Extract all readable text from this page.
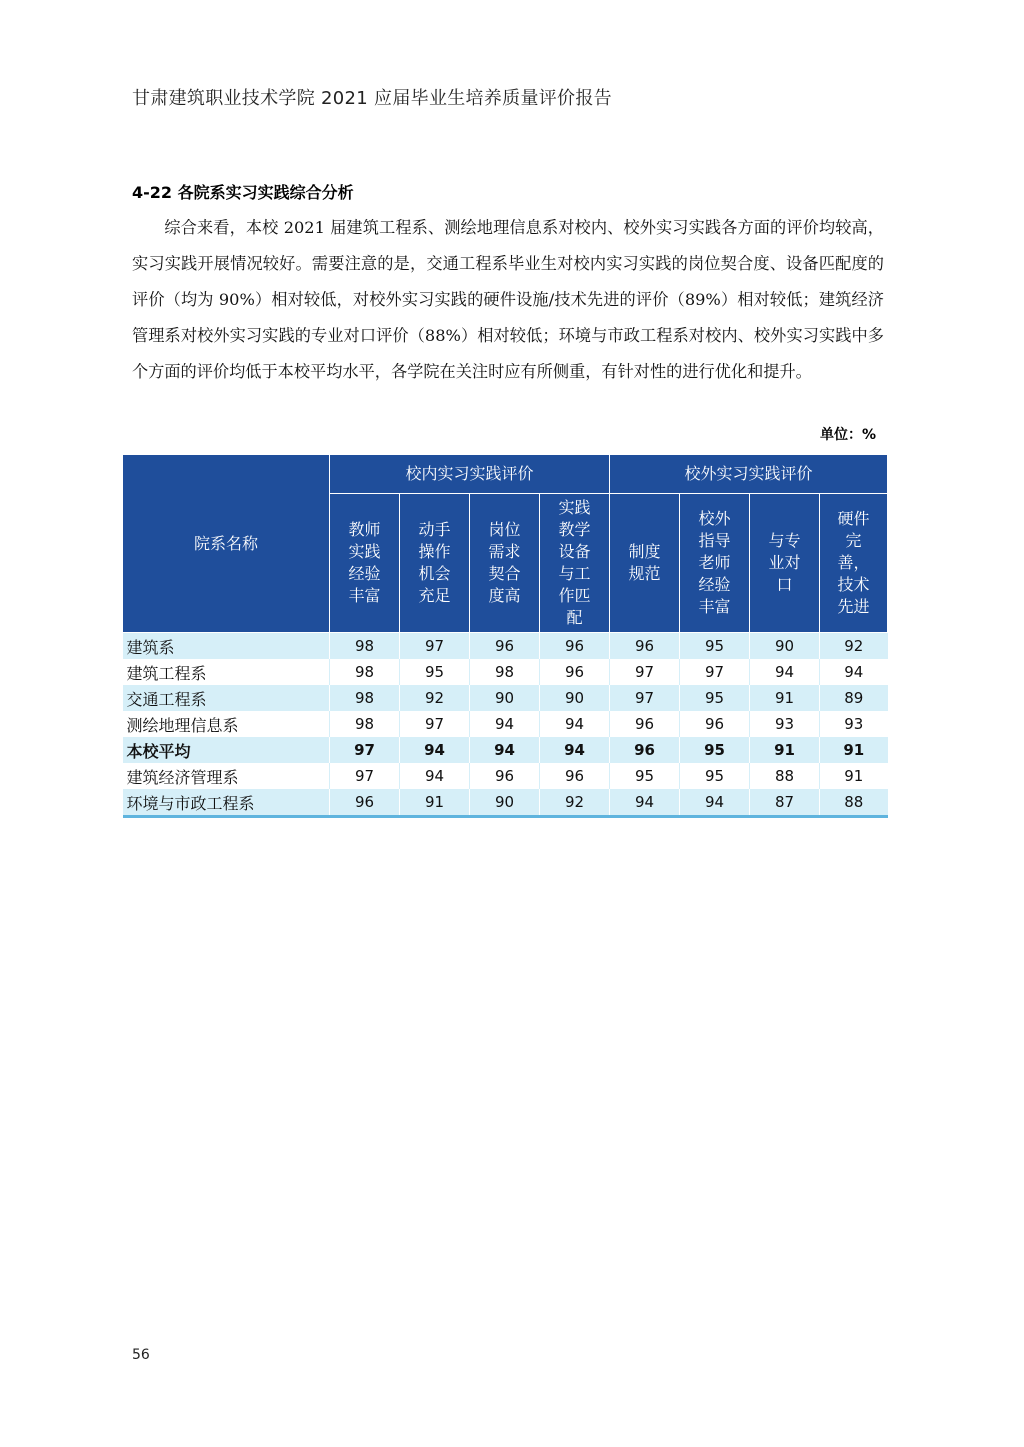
甘肃建筑职业技术学院 2021 应届毕业生培养质量评价报告
4-22 各院系实习实践综合分析
综合来看，本校 2021 届建筑工程系、测绘地理信息系对校内、校外实习实践各方面的评价均较高，实习实践开展情况较好。需要注意的是，交通工程系毕业生对校内实习实践的岗位契合度、设备匹配度的评价（均为 90%）相对较低，对校外实习实践的硬件设施/技术先进的评价（89%）相对较低；建筑经济管理系对校外实习实践的专业对口评价（88%）相对较低；环境与市政工程系对校内、校外实习实践中多个方面的评价均低于本校平均水平，各学院在关注时应有所侧重，有针对性的进行优化和提升。
单位：%
院系名称	校内实习实践评价				校外实习实践评价			
	教师实践经验丰富	动手操作机会充足	岗位需求契合度高	实践教学设备与工作匹配	制度规范	校外指导老师经验丰富	与专业对口	硬件完善，技术先进
建筑系	98	97	96	96	96	95	90	92
建筑工程系	98	95	98	96	97	97	94	94
交通工程系	98	92	90	90	97	95	91	89
测绘地理信息系	98	97	94	94	96	96	93	93
本校平均	97	94	94	94	96	95	91	91
建筑经济管理系	97	94	96	96	95	95	88	91
环境与市政工程系	96	91	90	92	94	94	87	88
56
